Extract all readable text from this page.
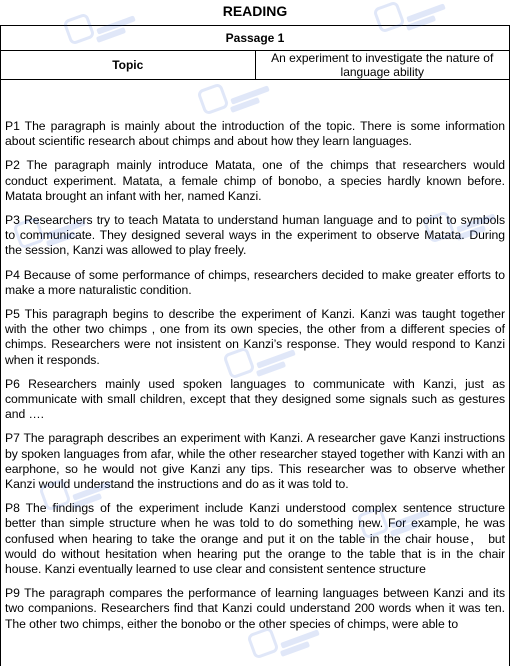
READING
Passage 1
Topic	An experiment to investigate the nature of language ability

P1 The paragraph is mainly about the introduction of the topic. There is some information about scientific research about chimps and about how they learn languages.

P2 The paragraph mainly introduce Matata, one of the chimps that researchers would conduct experiment. Matata, a female chimp of bonobo, a species hardly known before. Matata brought an infant with her, named Kanzi.

P3 Researchers try to teach Matata to understand human language and to point to symbols to communicate. They designed several ways in the experiment to observe Matata. During the session, Kanzi was allowed to play freely.

P4 Because of some performance of chimps, researchers decided to make greater efforts to make a more naturalistic condition.

P5 This paragraph begins to describe the experiment of Kanzi. Kanzi was taught together with the other two chimps , one from its own species, the other from a different species of chimps. Researchers were not insistent on Kanzi’s response. They would respond to Kanzi when it responds.

P6 Researchers mainly used spoken languages to communicate with Kanzi, just as communicate with small children, except that they designed some signals such as gestures and ….

P7 The paragraph describes an experiment with Kanzi. A researcher gave Kanzi instructions by spoken languages from afar, while the other researcher stayed together with Kanzi with an earphone, so he would not give Kanzi any tips. This researcher was to observe whether Kanzi would understand the instructions and do as it was told to.

P8 The findings of the experiment include Kanzi understood complex sentence structure better than simple structure when he was told to do something new. For example, he was confused when hearing to take the orange and put it on the table in the chair house， but would do without hesitation when hearing put the orange to the table that is in the chair house. Kanzi eventually learned to use clear and consistent sentence structure

P9 The paragraph compares the performance of learning languages between Kanzi and its two companions. Researchers find that Kanzi could understand 200 words when it was ten. The other two chimps, either the bonobo or the other species of chimps, were able to
